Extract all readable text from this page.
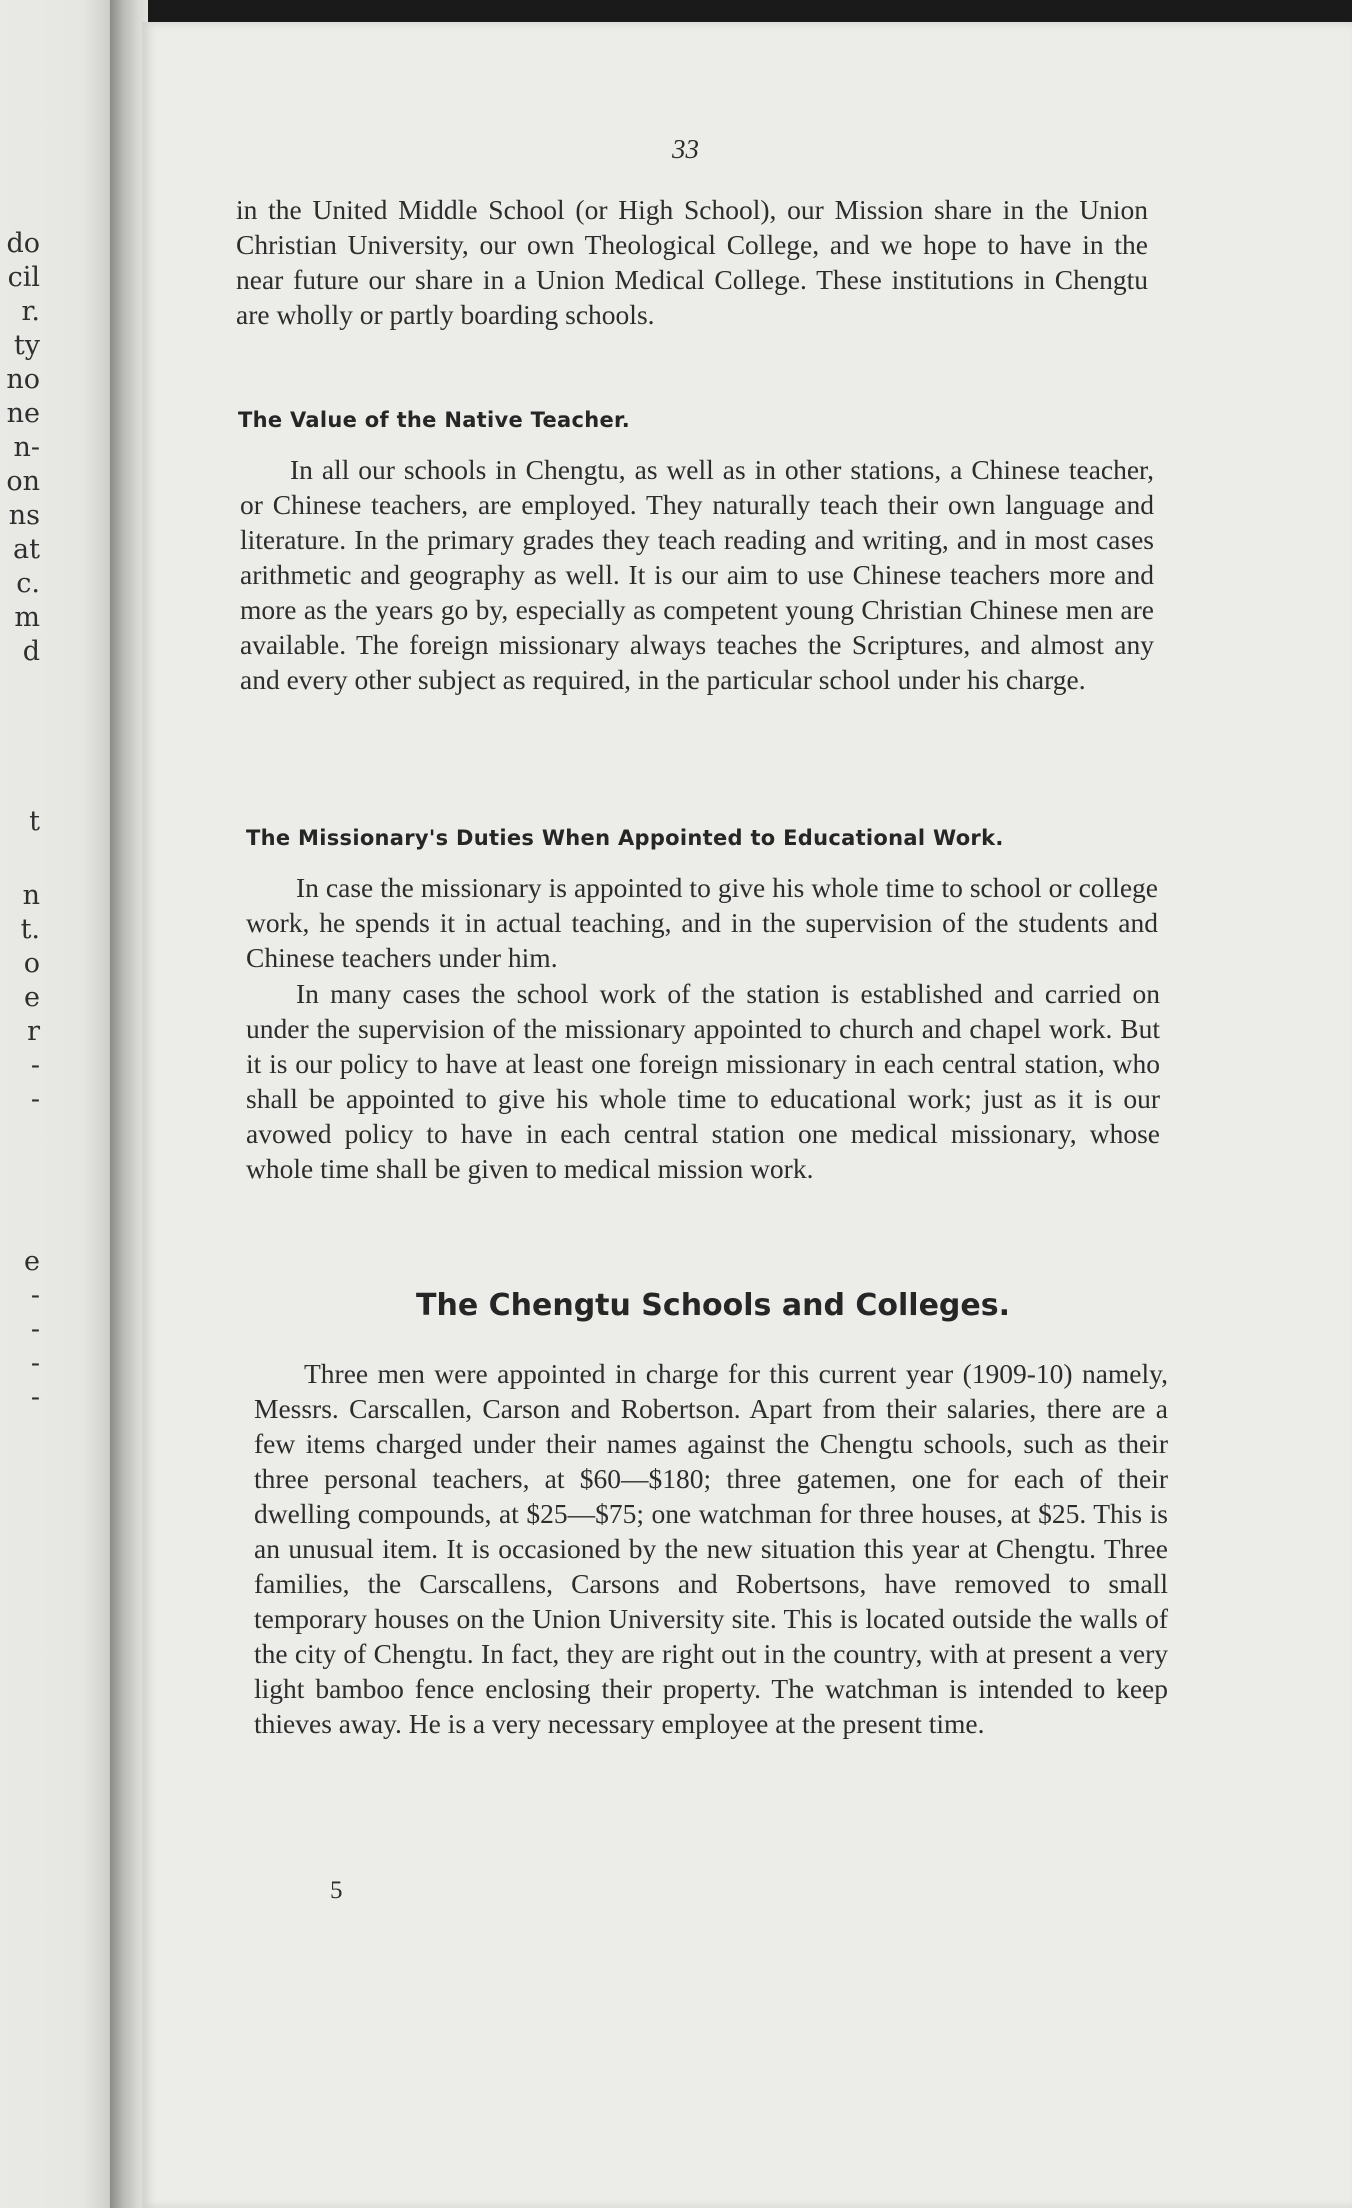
do
cil
r.
ty
no
ne
n-
on
ns
at
c.
m
d
t
n
t.
o
e
r
-
-
e
-
-
-
-
33

in the United Middle School (or High School), our Mission share in the Union Christian University, our own Theological College, and we hope to have in the near future our share in a Union Medical College. These institutions in Chengtu are wholly or partly boarding schools.

The Value of the Native Teacher.

In all our schools in Chengtu, as well as in other stations, a Chinese teacher, or Chinese teachers, are employed. They naturally teach their own language and literature. In the primary grades they teach reading and writing, and in most cases arithmetic and geography as well. It is our aim to use Chinese teachers more and more as the years go by, especially as competent young Christian Chinese men are available. The foreign missionary always teaches the Scriptures, and almost any and every other subject as required, in the particular school under his charge.

The Missionary's Duties When Appointed to Educational Work.

In case the missionary is appointed to give his whole time to school or college work, he spends it in actual teaching, and in the supervision of the students and Chinese teachers under him.

In many cases the school work of the station is established and carried on under the supervision of the missionary appointed to church and chapel work. But it is our policy to have at least one foreign missionary in each central station, who shall be appointed to give his whole time to educational work; just as it is our avowed policy to have in each central station one medical missionary, whose whole time shall be given to medical mission work.

The Chengtu Schools and Colleges.

Three men were appointed in charge for this current year (1909-10) namely, Messrs. Carscallen, Carson and Robertson. Apart from their salaries, there are a few items charged under their names against the Chengtu schools, such as their three personal teachers, at $60—$180; three gatemen, one for each of their dwelling compounds, at $25—$75; one watchman for three houses, at $25. This is an unusual item. It is occasioned by the new situation this year at Chengtu. Three families, the Carscallens, Carsons and Robertsons, have removed to small temporary houses on the Union University site. This is located outside the walls of the city of Chengtu. In fact, they are right out in the country, with at present a very light bamboo fence enclosing their property. The watchman is intended to keep thieves away. He is a very necessary employee at the present time.

5
